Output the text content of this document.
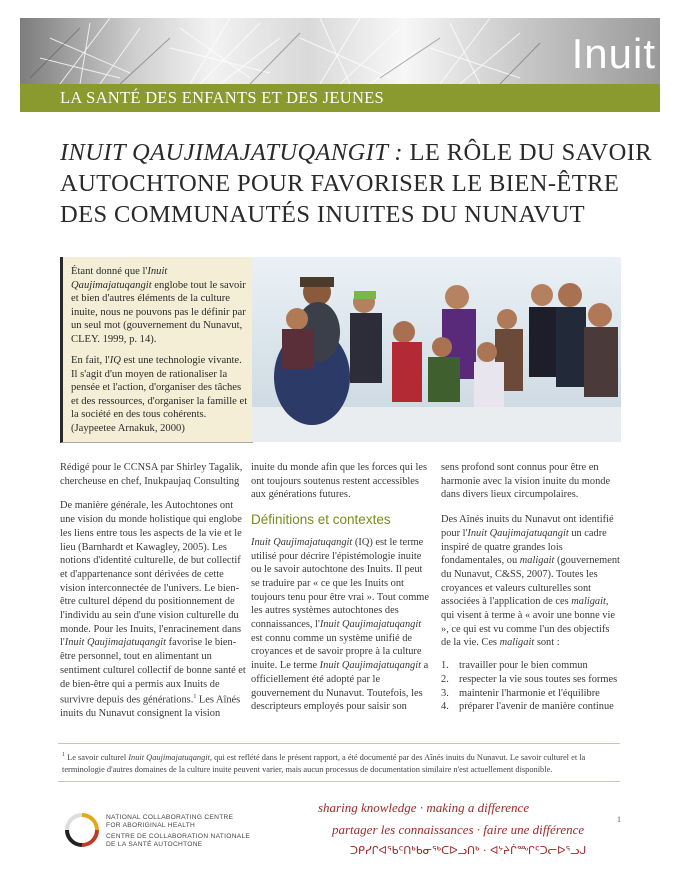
Inuit
LA SANTÉ DES ENFANTS ET DES JEUNES
INUIT QAUJIMAJATUQANGIT : LE RÔLE DU SAVOIR
AUTOCHTONE POUR FAVORISER LE BIEN-ÊTRE
DES COMMUNAUTÉS INUITES DU NUNAVUT
Étant donné que l'Inuit Qaujimajatuqangit englobe tout le savoir et bien d'autres éléments de la culture inuite, nous ne pouvons pas le définir par un seul mot (gouvernement du Nunavut, CLEY. 1999, p. 14).
En fait, l'IQ est une technologie vivante. Il s'agit d'un moyen de rationaliser la pensée et l'action, d'organiser des tâches et des ressources, d'organiser la famille et la société en des tous cohérents. (Jaypeetee Arnakuk, 2000)

Rédigé pour le CCNSA par Shirley Tagalik, chercheuse en chef, Inukpaujaq Consulting

De manière générale, les Autochtones ont une vision du monde holistique qui englobe les liens entre tous les aspects de la vie et le lieu (Barnhardt et Kawagley, 2005). Les notions d'identité culturelle, de but collectif et d'appartenance sont dérivées de cette vision interconnectée de l'univers. Le bien-être culturel dépend du positionnement de l'individu au sein d'une vision culturelle du monde. Pour les Inuits, l'enracinement dans l'Inuit Qaujimajatuqangit favorise le bien-être personnel, tout en alimentant un sentiment culturel collectif de bonne santé et de bien-être qui a permis aux Inuits de survivre depuis des générations.$^1$ Les Aînés inuits du Nunavut consignent la vision

inuite du monde afin que les forces qui les ont toujours soutenus restent accessibles aux générations futures.

Définitions et contextes

Inuit Qaujimajatuqangit (IQ) est le terme utilisé pour décrire l'épistémologie inuite ou le savoir autochtone des Inuits. Il peut se traduire par « ce que les Inuits ont toujours tenu pour être vrai ». Tout comme les autres systèmes autochtones des connaissances, l'Inuit Qaujimajatuqangit est connu comme un système unifié de croyances et de savoir propre à la culture inuite. Le terme Inuit Qaujimajatuqangit a officiellement été adopté par le gouvernement du Nunavut. Toutefois, les descripteurs employés pour saisir son

sens profond sont connus pour être en harmonie avec la vision inuite du monde dans divers lieux circumpolaires.

Des Aînés inuits du Nunavut ont identifié pour l'Inuit Qaujimajatuqangit un cadre inspiré de quatre grandes lois fondamentales, ou maligait (gouvernement du Nunavut, C&SS, 2007). Toutes les croyances et valeurs culturelles sont associées à l'application de ces maligait, qui visent à terme à « avoir une bonne vie », ce qui est vu comme l'un des objectifs de la vie. Ces maligait sont :

1. travailler pour le bien commun
2. respecter la vie sous toutes ses formes
3. maintenir l'harmonie et l'équilibre
4. préparer l'avenir de manière continue
$^1$ Le savoir culturel Inuit Qaujimajatuqangit, qui est reflété dans le présent rapport, a été documenté par des Aînés inuits du Nunavut. Le savoir culturel et la terminologie d'autres domaines de la culture inuite peuvent varier, mais aucun processus de documentation similaire n'est actuellement disponible.
NATIONAL COLLABORATING CENTRE
FOR ABORIGINAL HEALTH
CENTRE DE COLLABORATION NATIONALE
DE LA SANTÉ AUTOCHTONE
sharing knowledge · making a difference
partager les connaissances · faire une différence
ᑐᑭᓯᒋᐊᖃᑦᑎᒃᑲᓂᖅᑕᐅᓗᑎᒃ · ᐊᔾᔨᒌᙱᑦᑐᓕᐅᕐᓗᒍ
1
